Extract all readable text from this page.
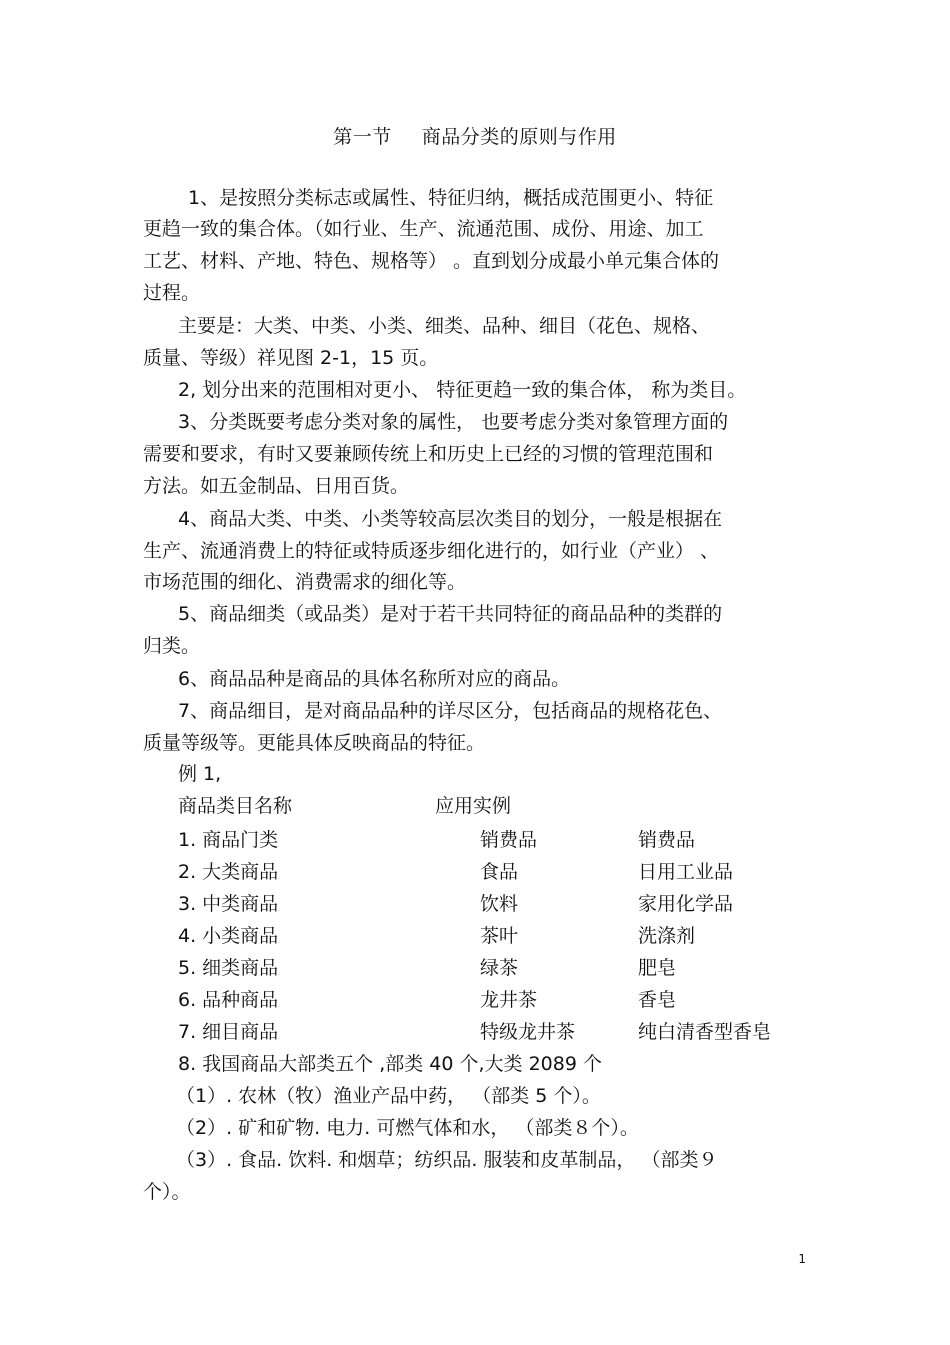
第一节 商品分类的原则与作用
1、是按照分类标志或属性、特征归纳，概括成范围更小、特征
更趋一致的集合体。（如行业、生产、流通范围、成份、用途、加工
工艺、材料、产地、特色、规格等） 。直到划分成最小单元集合体的
过程。
主要是：大类、中类、小类、细类、品种、细目（花色、规格、
质量、等级）祥见图 2-1，15 页。
2, 划分出来的范围相对更小、 特征更趋一致的集合体， 称为类目。
3、分类既要考虑分类对象的属性， 也要考虑分类对象管理方面的
需要和要求，有时又要兼顾传统上和历史上已经的习惯的管理范围和
方法。如五金制品、日用百货。
4、商品大类、中类、小类等较高层次类目的划分，一般是根据在
生产、流通消费上的特征或特质逐步细化进行的，如行业（产业） 、
市场范围的细化、消费需求的细化等。
5、商品细类（或品类）是对于若干共同特征的商品品种的类群的
归类。
6、商品品种是商品的具体名称所对应的商品。
7、商品细目，是对商品品种的详尽区分，包括商品的规格花色、
质量等级等。更能具体反映商品的特征。
例 1,
商品类目名称	应用实例
1. 商品门类	销费品	销费品
2. 大类商品	食品	日用工业品
3. 中类商品	饮料	家用化学品
4. 小类商品	茶叶	洗涤剂
5. 细类商品	绿茶	肥皂
6. 品种商品	龙井茶	香皂
7. 细目商品	特级龙井茶	纯白清香型香皂
8. 我国商品大部类五个 ,部类 40 个,大类 2089 个
（1）. 农林（牧）渔业产品中药， （部类 5 个）。
（2）. 矿和矿物. 电力. 可燃气体和水， （部类８个）。
（3）. 食品. 饮料. 和烟草；纺织品. 服装和皮革制品， （部类９
个）。
1
